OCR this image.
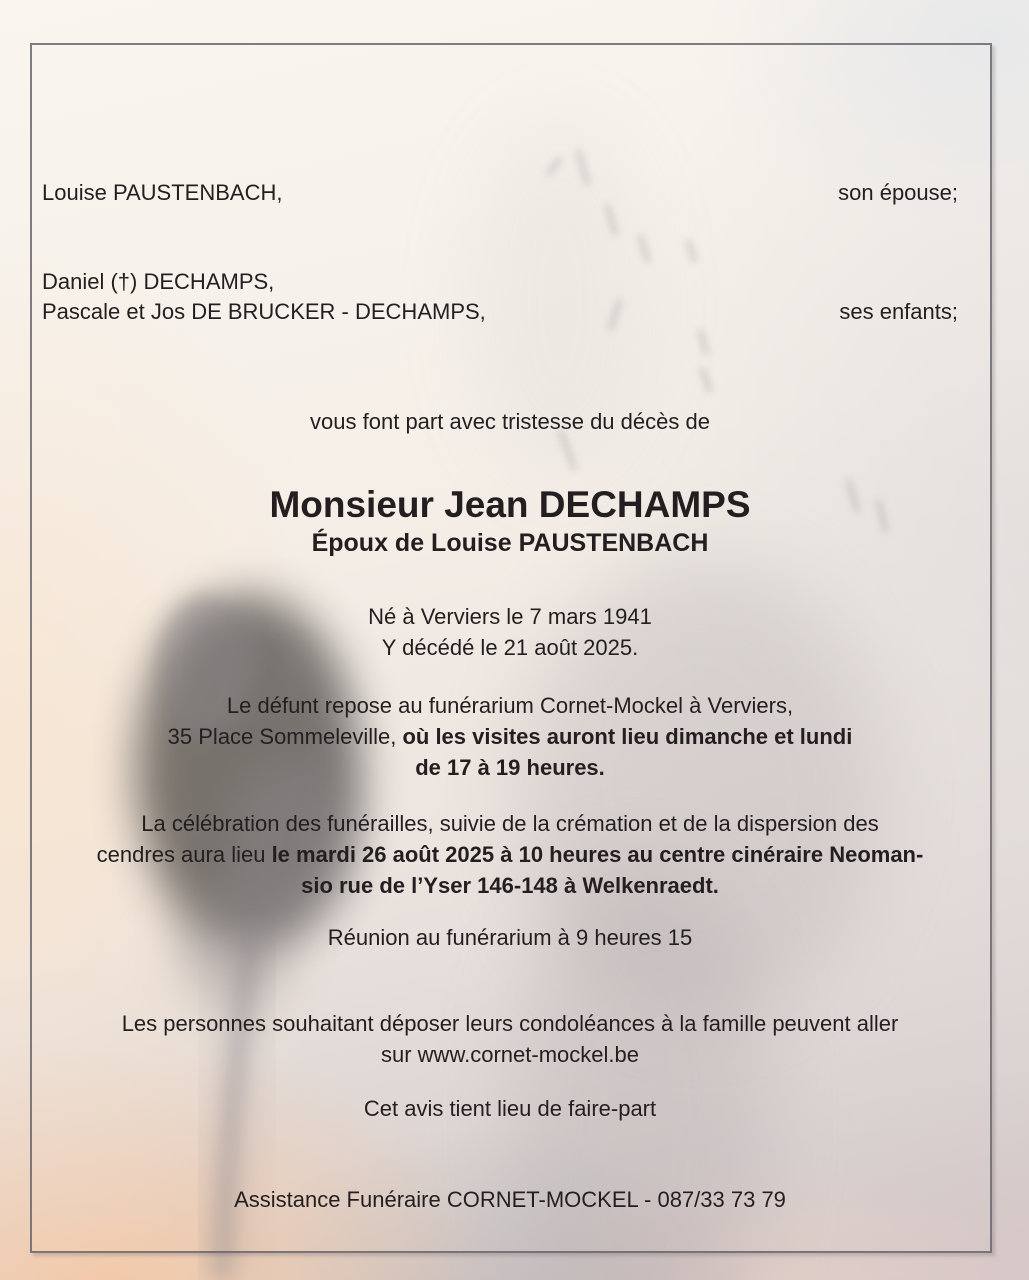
Louise PAUSTENBACH,	son épouse;
Daniel (†) DECHAMPS,
Pascale et Jos DE BRUCKER - DECHAMPS,	ses enfants;
vous font part avec tristesse du décès de
Monsieur Jean DECHAMPS
Époux de Louise PAUSTENBACH
Né à Verviers le 7 mars 1941
Y décédé le 21 août 2025.
Le défunt repose au funérarium Cornet-Mockel à Verviers,
35 Place Sommeleville, où les visites auront lieu dimanche et lundi
de 17 à 19 heures.
La célébration des funérailles, suivie de la crémation et de la dispersion des
cendres aura lieu le mardi 26 août 2025 à 10 heures au centre cinéraire Neoman-
sio rue de l’Yser 146-148 à Welkenraedt.
Réunion au funérarium à 9 heures 15
Les personnes souhaitant déposer leurs condoléances à la famille peuvent aller
sur www.cornet-mockel.be
Cet avis tient lieu de faire-part
Assistance Funéraire CORNET-MOCKEL - 087/33 73 79
